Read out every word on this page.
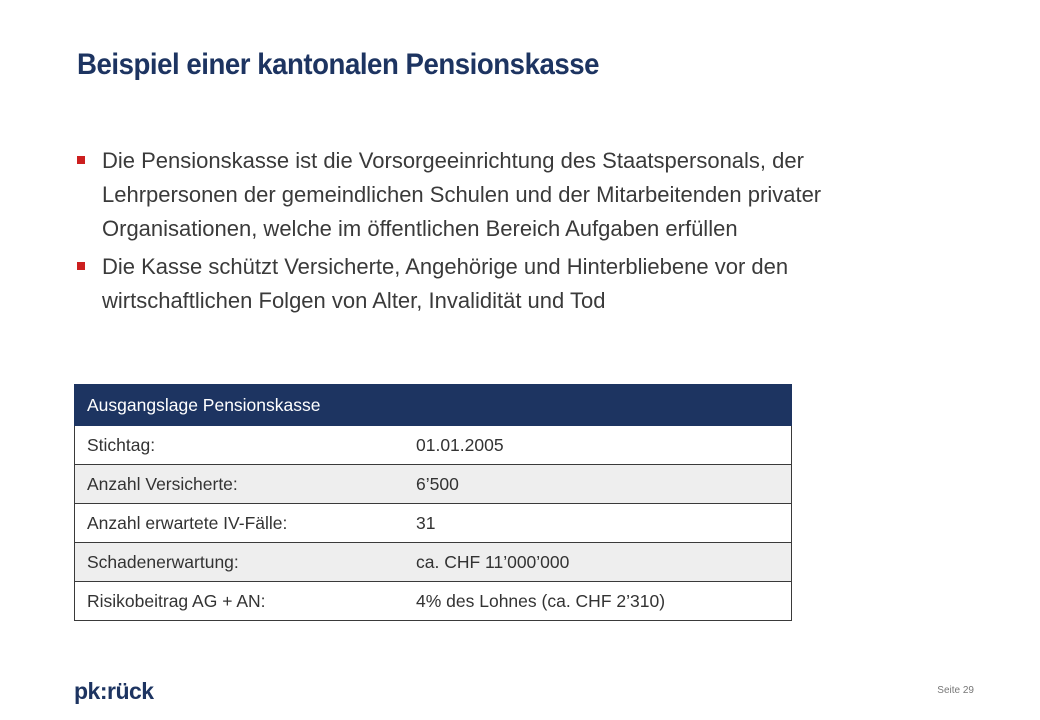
Beispiel einer kantonalen Pensionskasse
Die Pensionskasse ist die Vorsorgeeinrichtung des Staatspersonals, der Lehrpersonen der gemeindlichen Schulen und der Mitarbeitenden privater Organisationen, welche im öffentlichen Bereich Aufgaben erfüllen
Die Kasse schützt Versicherte, Angehörige und Hinterbliebene vor den wirtschaftlichen Folgen von Alter, Invalidität und Tod
Ausgangslage Pensionskasse	
Stichtag:	01.01.2005
Anzahl Versicherte:	6’500
Anzahl erwartete IV-Fälle:	31
Schadenerwartung:	ca. CHF 11’000’000
Risikobeitrag AG + AN:	4% des Lohnes (ca. CHF 2’310)
pk:rück	Seite 29
